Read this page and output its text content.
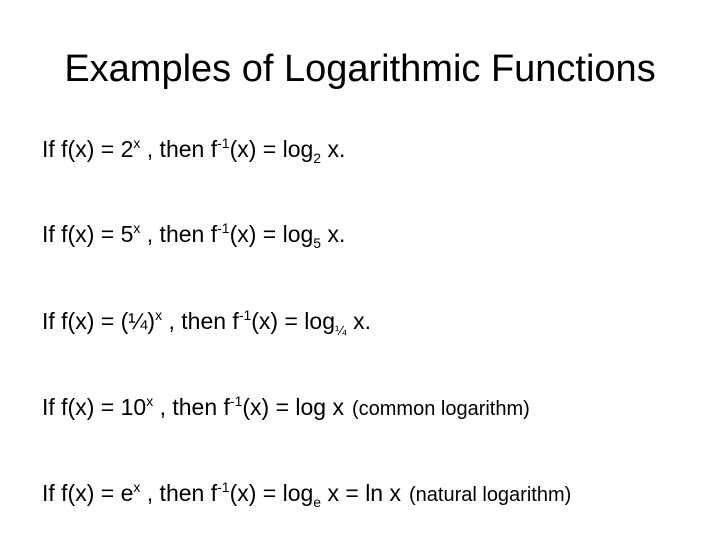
Examples of Logarithmic Functions
If $f(x) = 2^x$ , then $f^{-1}(x) = \log_2 x$.
If $f(x) = 5^x$ , then $f^{-1}(x) = \log_5 x$.
If f(x) = (¼)$^x$ , then $f^{-1}(x) = \log_{\frac{1}{4}} x$.
If $f(x) = 10^x$ , then $f^{-1}(x) = \log x$ (common logarithm)
If $f(x) = e^x$ , then $f^{-1}(x) = \log_e x = \ln x$ (natural logarithm)
